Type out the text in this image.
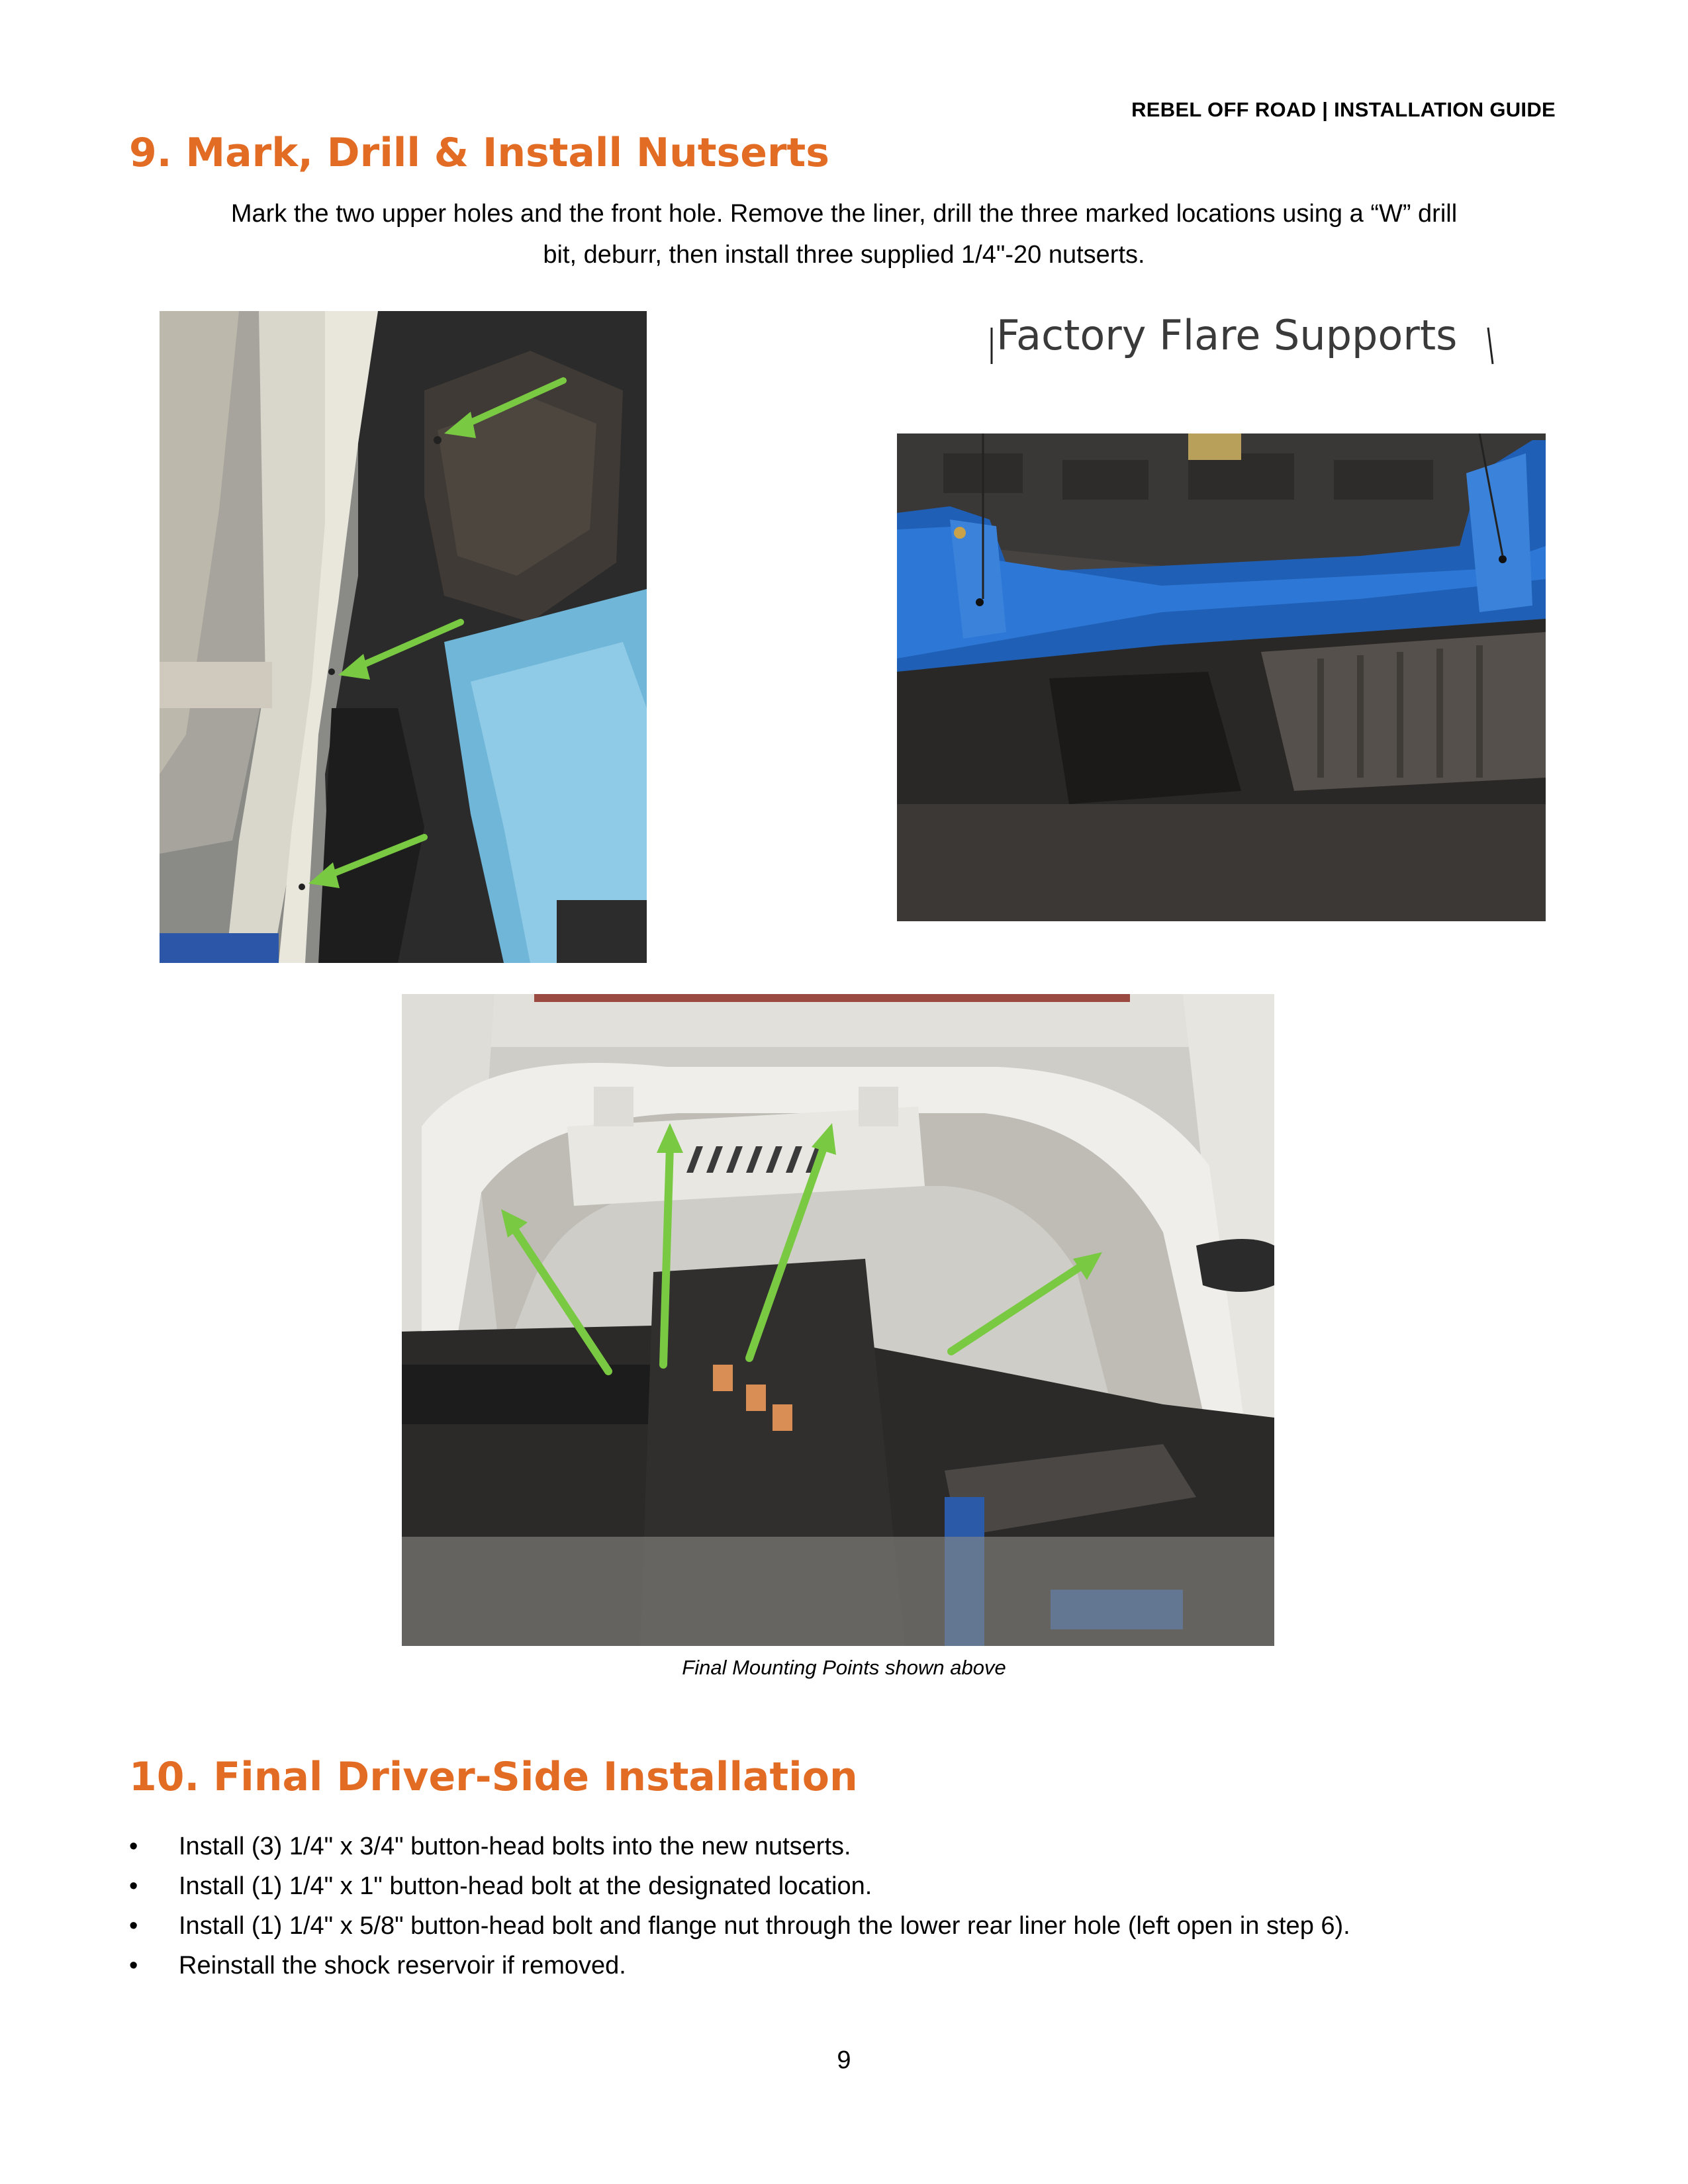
REBEL OFF ROAD | INSTALLATION GUIDE
9. Mark, Drill & Install Nutserts
Mark the two upper holes and the front hole. Remove the liner, drill the three marked locations using a “W” drill
bit, deburr, then install three supplied 1/4"-20 nutserts.
Factory Flare Supports
Final Mounting Points shown above
10. Final Driver-Side Installation
• Install (3) 1/4" x 3/4" button-head bolts into the new nutserts.
• Install (1) 1/4" x 1" button-head bolt at the designated location.
• Install (1) 1/4" x 5/8" button-head bolt and flange nut through the lower rear liner hole (left open in step 6).
• Reinstall the shock reservoir if removed.
9
